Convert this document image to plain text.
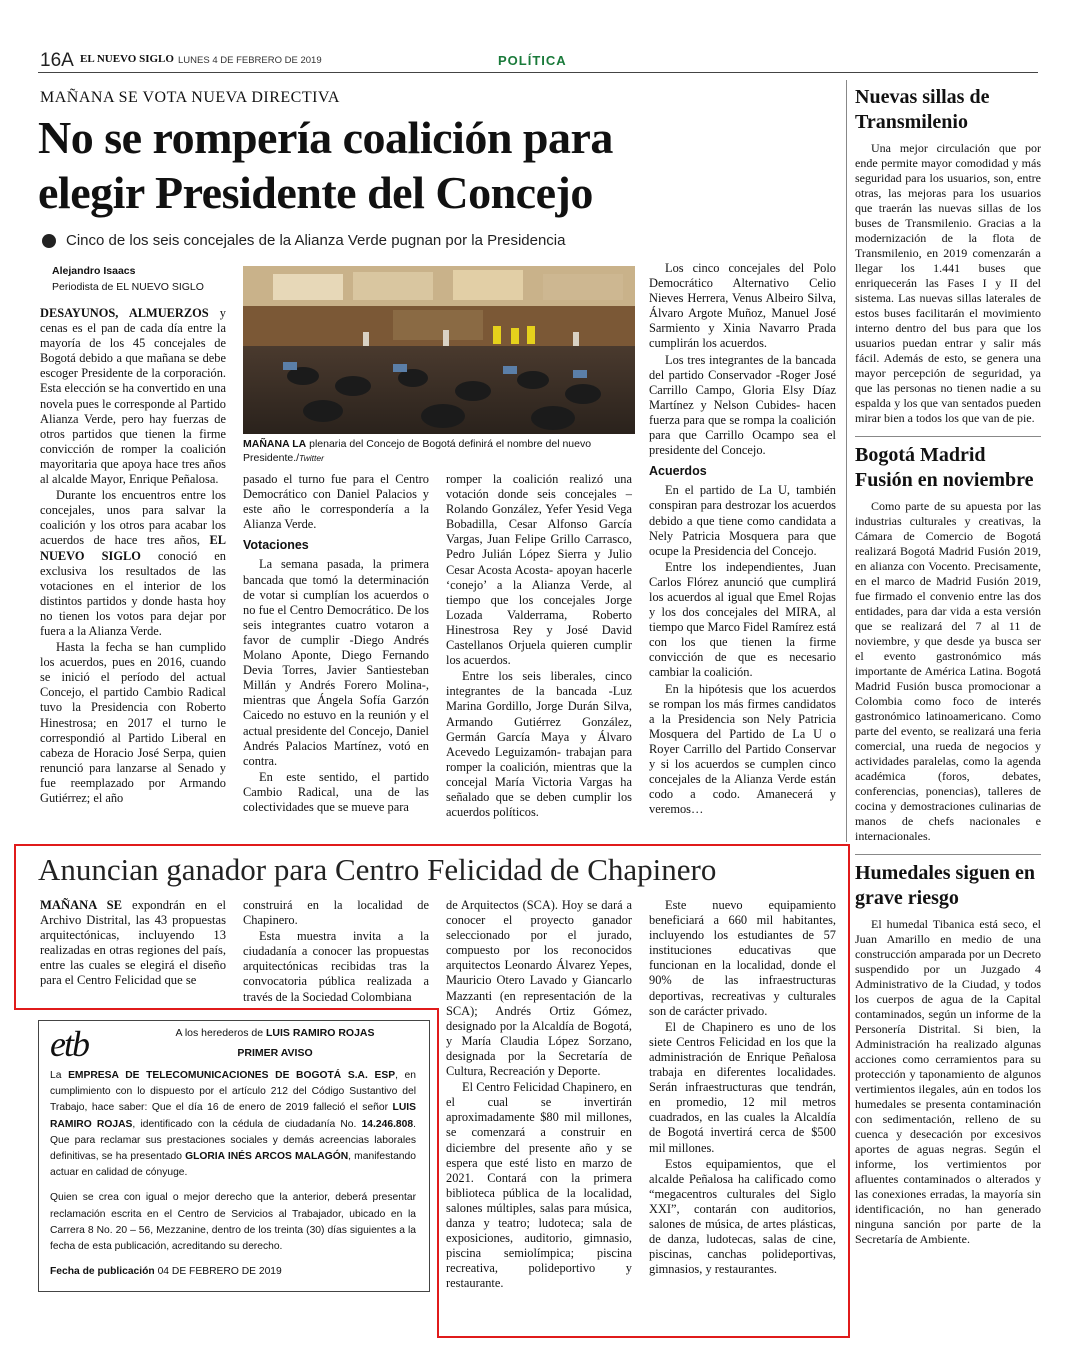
16A EL NUEVO SIGLO LUNES 4 DE FEBRERO DE 2019	POLÍTICA
MAÑANA SE VOTA NUEVA DIRECTIVA
No se rompería coalición para
elegir Presidente del Concejo
Cinco de los seis concejales de la Alianza Verde pugnan por la Presidencia
Alejandro Isaacs
Periodista de EL NUEVO SIGLO

DESAYUNOS, ALMUERZOS y cenas es el pan de cada día entre la mayoría de los 45 concejales de Bogotá debido a que mañana se debe escoger Presidente de la corporación. Esta elección se ha convertido en una novela pues le corresponde al Partido Alianza Verde, pero hay fuerzas de otros partidos que tienen la firme convicción de romper la coalición mayoritaria que apoya hace tres años al alcalde Mayor, Enrique Peñalosa.

Durante los encuentros entre los concejales, unos para salvar la coalición y los otros para acabar los acuerdos de hace tres años, EL NUEVO SIGLO conoció en exclusiva los resultados de las votaciones en el interior de los distintos partidos y donde hasta hoy no tienen los votos para dejar por fuera a la Alianza Verde.

Hasta la fecha se han cumplido los acuerdos, pues en 2016, cuando se inició el período del actual Concejo, el partido Cambio Radical tuvo la Presidencia con Roberto Hinestrosa; en 2017 el turno le correspondió al Partido Liberal en cabeza de Horacio José Serpa, quien renunció para lanzarse al Senado y fue reemplazado por Armando Gutiérrez; el año

MAÑANA LA plenaria del Concejo de Bogotá definirá el nombre del nuevo Presidente./Twitter

pasado el turno fue para el Centro Democrático con Daniel Palacios y este año le correspondería a la Alianza Verde.

Votaciones

La semana pasada, la primera bancada que tomó la determinación de votar si cumplían los acuerdos o no fue el Centro Democrático. De los seis integrantes cuatro votaron a favor de cumplir -Diego Andrés Molano Aponte, Diego Fernando Devia Torres, Javier Santiesteban Millán y Andrés Forero Molina-, mientras que Ángela Sofía Garzón Caicedo no estuvo en la reunión y el actual presidente del Concejo, Daniel Andrés Palacios Martínez, votó en contra.

En este sentido, el partido Cambio Radical, una de las colectividades que se mueve para

romper la coalición realizó una votación donde seis concejales – Rolando González, Yefer Yesid Vega Bobadilla, Cesar Alfonso García Vargas, Juan Felipe Grillo Carrasco, Pedro Julián López Sierra y Julio Cesar Acosta Acosta- apoyan hacerle ‘conejo’ a la Alianza Verde, al tiempo que los concejales Jorge Lozada Valderrama, Roberto Hinestrosa Rey y José David Castellanos Orjuela quieren cumplir los acuerdos.

Entre los seis liberales, cinco integrantes de la bancada -Luz Marina Gordillo, Jorge Durán Silva, Armando Gutiérrez González, Germán García Maya y Álvaro Acevedo Leguizamón- trabajan para romper la coalición, mientras que la concejal María Victoria Vargas ha señalado que se deben cumplir los acuerdos políticos.

Los cinco concejales del Polo Democrático Alternativo Celio Nieves Herrera, Venus Albeiro Silva, Álvaro Argote Muñoz, Manuel José Sarmiento y Xinia Navarro Prada cumplirán los acuerdos.

Los tres integrantes de la bancada del partido Conservador -Roger José Carrillo Campo, Gloria Elsy Díaz Martínez y Nelson Cubides- hacen fuerza para que se rompa la coalición para que Carrillo Ocampo sea el presidente del Concejo.

Acuerdos

En el partido de La U, también conspiran para destrozar los acuerdos debido a que tiene como candidata a Nely Patricia Mosquera para que ocupe la Presidencia del Concejo.

Entre los independientes, Juan Carlos Flórez anunció que cumplirá los acuerdos al igual que Emel Rojas y los dos concejales del MIRA, al tiempo que Marco Fidel Ramírez está con los que tienen la firme convicción de que es necesario cambiar la coalición.

En la hipótesis que los acuerdos se rompan los más firmes candidatos a la Presidencia son Nely Patricia Mosquera del Partido de La U o Royer Carrillo del Partido Conservar y si los acuerdos se cumplen cinco concejales de la Alianza Verde están codo a codo. Amanecerá y veremos…

Anuncian ganador para Centro Felicidad de Chapinero

MAÑANA SE expondrán en el Archivo Distrital, las 43 propuestas arquitectónicas, incluyendo 13 realizadas en otras regiones del país, entre las cuales se elegirá el diseño para el Centro Felicidad que se

construirá en la localidad de Chapinero.

Esta muestra invita a la ciudadanía a conocer las propuestas arquitectónicas recibidas tras la convocatoria pública realizada a través de la Sociedad Colombiana

de Arquitectos (SCA). Hoy se dará a conocer el proyecto ganador seleccionado por el jurado, compuesto por los reconocidos arquitectos Leonardo Álvarez Yepes, Mauricio Otero Lavado y Giancarlo Mazzanti (en representación de la SCA); Andrés Ortiz Gómez, designado por la Alcaldía de Bogotá, y María Claudia López Sorzano, designada por la Secretaría de Cultura, Recreación y Deporte.

El Centro Felicidad Chapinero, en el cual se invertirán aproximadamente $80 mil millones, se comenzará a construir en diciembre del presente año y se espera que esté listo en marzo de 2021. Contará con la primera biblioteca pública de la localidad, salones múltiples, salas para música, danza y teatro; ludoteca; sala de exposiciones, auditorio, gimnasio, piscina semiolímpica; piscina recreativa, polideportivo y restaurante.

Este nuevo equipamiento beneficiará a 660 mil habitantes, incluyendo los estudiantes de 57 instituciones educativas que funcionan en la localidad, donde el 90% de las infraestructuras deportivas, recreativas y culturales son de carácter privado.

El de Chapinero es uno de los siete Centros Felicidad en los que la administración de Enrique Peñalosa trabaja en diferentes localidades. Serán infraestructuras que tendrán, en promedio, 12 mil metros cuadrados, en las cuales la Alcaldía de Bogotá invertirá cerca de $500 mil millones.

Estos equipamientos, que el alcalde Peñalosa ha calificado como “megacentros culturales del Siglo XXI”, contarán con auditorios, salones de música, de artes plásticas, de danza, ludotecas, salas de cine, piscinas, canchas polideportivas, gimnasios, y restaurantes.

etb	A los herederos de LUIS RAMIRO ROJAS
PRIMER AVISO

La EMPRESA DE TELECOMUNICACIONES DE BOGOTÁ S.A. ESP, en cumplimiento con lo dispuesto por el artículo 212 del Código Sustantivo del Trabajo, hace saber: Que el día 16 de enero de 2019 falleció el señor LUIS RAMIRO ROJAS, identificado con la cédula de ciudadanía No. 14.246.808. Que para reclamar sus prestaciones sociales y demás acreencias laborales definitivas, se ha presentado GLORIA INÉS ARCOS MALAGÓN, manifestando actuar en calidad de cónyuge.

Quien se crea con igual o mejor derecho que la anterior, deberá presentar reclamación escrita en el Centro de Servicios al Trabajador, ubicado en la Carrera 8 No. 20 – 56, Mezzanine, dentro de los treinta (30) días siguientes a la fecha de esta publicación, acreditando su derecho.

Fecha de publicación 04 DE FEBRERO DE 2019

Nuevas sillas de Transmilenio

Una mejor circulación que por ende permite mayor comodidad y más seguridad para los usuarios, son, entre otras, las mejoras para los usuarios que traerán las nuevas sillas de los buses de Transmilenio. Gracias a la modernización de la flota de Transmilenio, en 2019 comenzarán a llegar los 1.441 buses que enriquecerán las Fases I y II del sistema. Las nuevas sillas laterales de estos buses facilitarán el movimiento interno dentro del bus para que los usuarios puedan entrar y salir más fácil. Además de esto, se genera una mayor percepción de seguridad, ya que las personas no tienen nadie a su espalda y los que van sentados pueden mirar bien a todos los que van de pie.

Bogotá Madrid Fusión en noviembre

Como parte de su apuesta por las industrias culturales y creativas, la Cámara de Comercio de Bogotá realizará Bogotá Madrid Fusión 2019, en alianza con Vocento. Precisamente, en el marco de Madrid Fusión 2019, fue firmado el convenio entre las dos entidades, para dar vida a esta versión que se realizará del 7 al 11 de noviembre, y que desde ya busca ser el evento gastronómico más importante de América Latina. Bogotá Madrid Fusión busca promocionar a Colombia como foco de interés gastronómico latinoamericano. Como parte del evento, se realizará una feria comercial, una rueda de negocios y actividades paralelas, como la agenda académica (foros, debates, conferencias, ponencias), talleres de cocina y demostraciones culinarias de manos de chefs nacionales e internacionales.

Humedales siguen en grave riesgo

El humedal Tibanica está seco, el Juan Amarillo en medio de una construcción amparada por un Decreto suspendido por un Juzgado 4 Administrativo de la Ciudad, y todos los cuerpos de agua de la Capital contaminados, según un informe de la Personería Distrital. Si bien, la Administración ha realizado algunas acciones como cerramientos para su protección y taponamiento de algunos vertimientos ilegales, aún en todos los humedales se presenta contaminación con sedimentación, relleno de su cuenca y desecación por excesivos aportes de aguas negras. Según el informe, los vertimientos por afluentes contaminados o alterados y las conexiones erradas, la mayoría sin identificación, no han generado ninguna sanción por parte de la Secretaría de Ambiente.
